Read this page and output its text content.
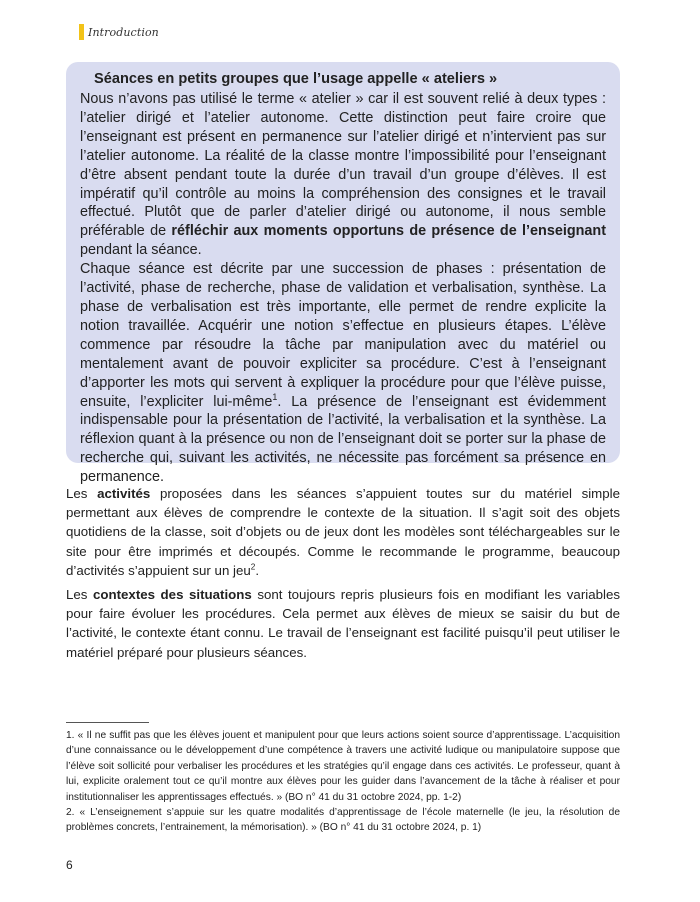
Introduction
Séances en petits groupes que l’usage appelle « ateliers »

Nous n’avons pas utilisé le terme « atelier » car il est souvent relié à deux types : l’atelier dirigé et l’atelier autonome. Cette distinction peut faire croire que l’enseignant est présent en permanence sur l’atelier dirigé et n’intervient pas sur l’atelier autonome. La réalité de la classe montre l’impossibilité pour l’enseignant d’être absent pendant toute la durée d’un travail d’un groupe d’élèves. Il est impératif qu’il contrôle au moins la compréhension des consignes et le travail effectué. Plutôt que de parler d’atelier dirigé ou autonome, il nous semble préférable de réfléchir aux moments opportuns de présence de l’enseignant pendant la séance.

Chaque séance est décrite par une succession de phases : présentation de l’activité, phase de recherche, phase de validation et verbalisation, synthèse. La phase de verbalisation est très importante, elle permet de rendre explicite la notion travaillée. Acquérir une notion s’effectue en plusieurs étapes. L’élève commence par résoudre la tâche par manipulation avec du matériel ou mentalement avant de pouvoir expliciter sa procédure. C’est à l’enseignant d’apporter les mots qui servent à expliquer la procédure pour que l’élève puisse, ensuite, l’expliciter lui-même$^1$. La présence de l’enseignant est évidemment indispensable pour la présentation de l’activité, la verbalisation et la synthèse. La réflexion quant à la présence ou non de l’enseignant doit se porter sur la phase de recherche qui, suivant les activités, ne nécessite pas forcément sa présence en permanence.

Les activités proposées dans les séances s’appuient toutes sur du matériel simple permettant aux élèves de comprendre le contexte de la situation. Il s’agit soit des objets quotidiens de la classe, soit d’objets ou de jeux dont les modèles sont téléchargeables sur le site pour être imprimés et découpés. Comme le recommande le programme, beaucoup d’activités s’appuient sur un jeu$^2$.

Les contextes des situations sont toujours repris plusieurs fois en modifiant les variables pour faire évoluer les procédures. Cela permet aux élèves de mieux se saisir du but de l’activité, le contexte étant connu. Le travail de l’enseignant est facilité puisqu’il peut utiliser le matériel préparé pour plusieurs séances.

1. « Il ne suffit pas que les élèves jouent et manipulent pour que leurs actions soient source d’apprentissage. L’acquisition d’une connaissance ou le développement d’une compétence à travers une activité ludique ou manipulatoire suppose que l’élève soit sollicité pour verbaliser les procédures et les stratégies qu’il engage dans ces activités. Le professeur, quant à lui, explicite oralement tout ce qu’il montre aux élèves pour les guider dans l’avancement de la tâche à réaliser et pour institutionnaliser les apprentissages effectués. » (BO n° 41 du 31 octobre 2024, pp. 1-2)

2. « L’enseignement s’appuie sur les quatre modalités d’apprentissage de l’école maternelle (le jeu, la résolution de problèmes concrets, l’entrainement, la mémorisation). » (BO n° 41 du 31 octobre 2024, p. 1)

6
